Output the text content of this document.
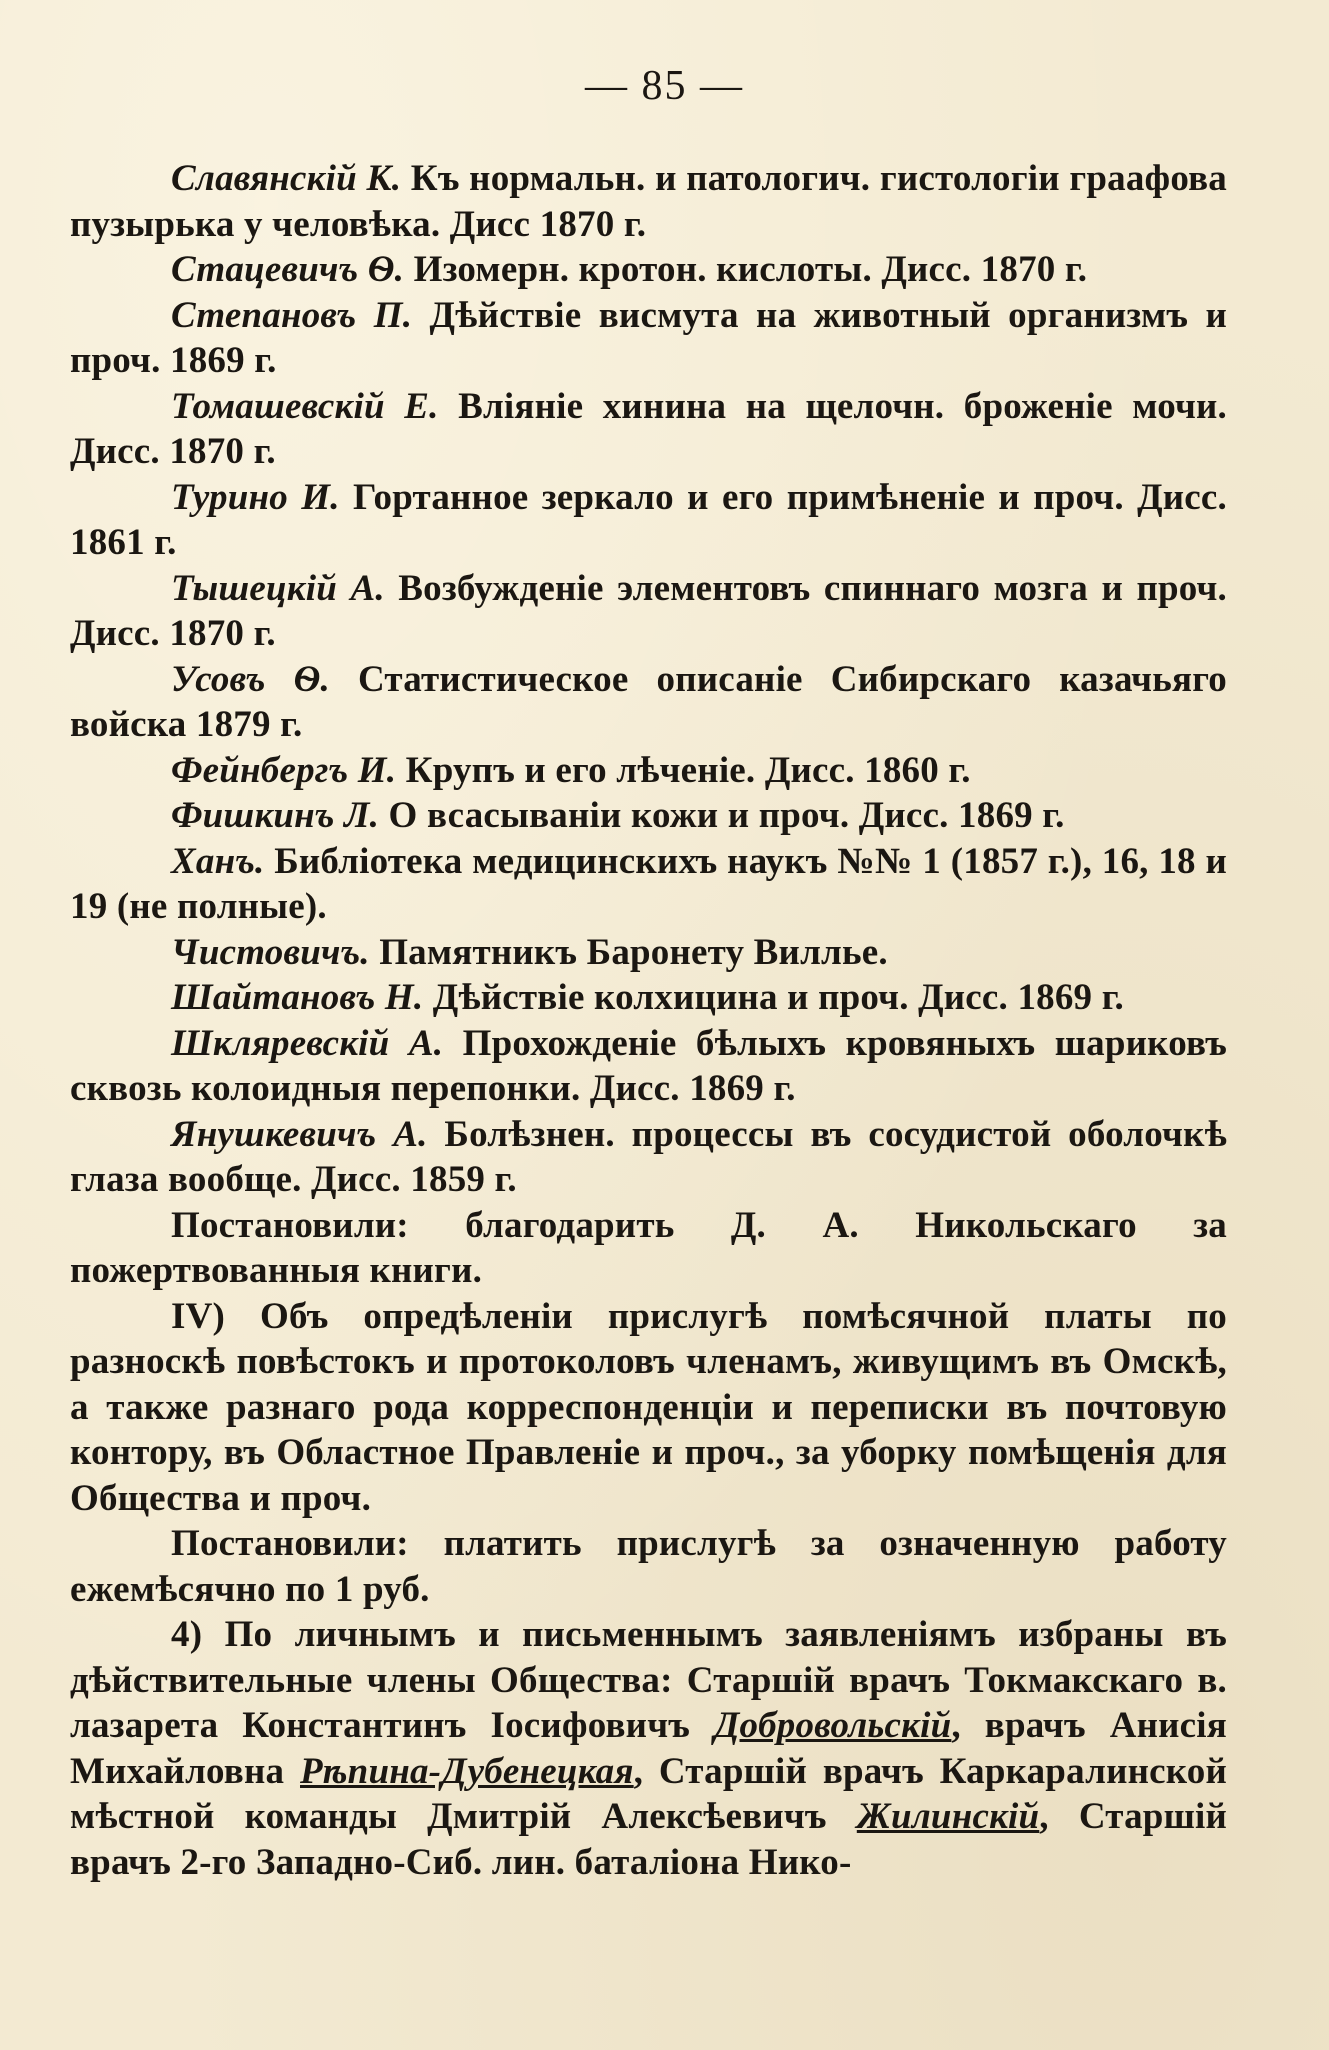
— 85 —

Славянскій К. Къ нормальн. и патологич. гистологіи граафова пузырька у человѣка. Дисс 1870 г.

Стацевичъ Ѳ. Изомерн. кротон. кислоты. Дисс. 1870 г.

Степановъ П. Дѣйствіе висмута на животный организмъ и проч. 1869 г.

Томашевскій Е. Вліяніе хинина на щелочн. броженіе мочи. Дисс. 1870 г.

Турино И. Гортанное зеркало и его примѣненіе и проч. Дисс. 1861 г.

Тышецкій А. Возбужденіе элементовъ спиннаго мозга и проч. Дисс. 1870 г.

Усовъ Ѳ. Статистическое описаніе Сибирскаго казачьяго войска 1879 г.

Фейнбергъ И. Крупъ и его лѣченіе. Дисс. 1860 г.

Фишкинъ Л. О всасываніи кожи и проч. Дисс. 1869 г.

Ханъ. Библіотека медицинскихъ наукъ №№ 1 (1857 г.), 16, 18 и 19 (не полные).

Чистовичъ. Памятникъ Баронету Виллье.

Шайтановъ Н. Дѣйствіе колхицина и проч. Дисс. 1869 г.

Шкляревскій А. Прохожденіе бѣлыхъ кровяныхъ шариковъ сквозь колоидныя перепонки. Дисс. 1869 г.

Янушкевичъ А. Болѣзнен. процессы въ сосудистой оболочкѣ глаза вообще. Дисс. 1859 г.

Постановили: благодарить Д. А. Никольскаго за пожертвованныя книги.

IV) Объ опредѣленіи прислугѣ помѣсячной платы по разноскѣ повѣстокъ и протоколовъ членамъ, живущимъ въ Омскѣ, а также разнаго рода корреспонденціи и переписки въ почтовую контору, въ Областное Правленіе и проч., за уборку помѣщенія для Общества и проч.

Постановили: платить прислугѣ за означенную работу ежемѣсячно по 1 руб.

4) По личнымъ и письменнымъ заявленіямъ избраны въ дѣйствительные члены Общества: Старшій врачъ Токмакскаго в. лазарета Константинъ Іосифовичъ Добровольскій, врачъ Анисія Михайловна Рѣпина-Дубенецкая, Старшій врачъ Каркаралинской мѣстной команды Дмитрій Алексѣевичъ Жилинскій, Старшій врачъ 2-го Западно-Сиб. лин. баталіона Нико-
